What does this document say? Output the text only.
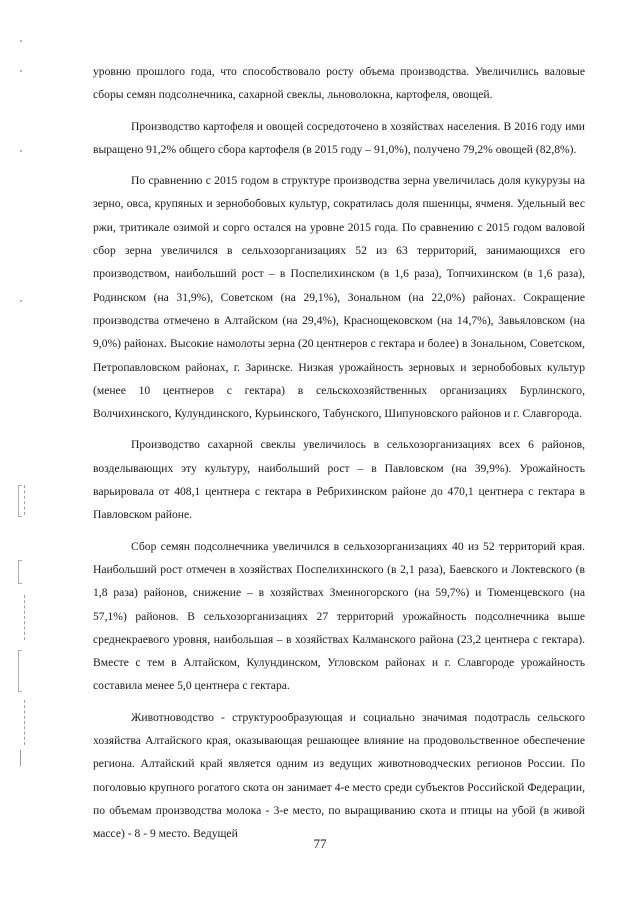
уровню прошлого года, что способствовало росту объема производства. Увеличились валовые сборы семян подсолнечника, сахарной свеклы, льноволокна, картофеля, овощей.

Производство картофеля и овощей сосредоточено в хозяйствах населения. В 2016 году ими выращено 91,2% общего сбора картофеля (в 2015 году – 91,0%), получено 79,2% овощей (82,8%).

По сравнению с 2015 годом в структуре производства зерна увеличилась доля кукурузы на зерно, овса, крупяных и зернобобовых культур, сократилась доля пшеницы, ячменя. Удельный вес ржи, тритикале озимой и сорго остался на уровне 2015 года. По сравнению с 2015 годом валовой сбор зерна увеличился в сельхозорганизациях 52 из 63 территорий, занимающихся его производством, наибольший рост – в Поспелихинском (в 1,6 раза), Топчихинском (в 1,6 раза), Родинском (на 31,9%), Советском (на 29,1%), Зональном (на 22,0%) районах. Сокращение производства отмечено в Алтайском (на 29,4%), Краснощековском (на 14,7%), Завьяловском (на 9,0%) районах. Высокие намолоты зерна (20 центнеров с гектара и более) в Зональном, Советском, Петропавловском районах, г. Заринске. Низкая урожайность зерновых и зернобобовых культур (менее 10 центнеров с гектара) в сельскохозяйственных организациях Бурлинского, Волчихинского, Кулундинского, Курьинского, Табунского, Шипуновского районов и г. Славгорода.

Производство сахарной свеклы увеличилось в сельхозорганизациях всех 6 районов, возделывающих эту культуру, наибольший рост – в Павловском (на 39,9%). Урожайность варьировала от 408,1 центнера с гектара в Ребрихинском районе до 470,1 центнера с гектара в Павловском районе.

Сбор семян подсолнечника увеличился в сельхозорганизациях 40 из 52 территорий края. Наибольший рост отмечен в хозяйствах Поспелихинского (в 2,1 раза), Баевского и Локтевского (в 1,8 раза) районов, снижение – в хозяйствах Змеиногорского (на 59,7%) и Тюменцевского (на 57,1%) районов. В сельхозорганизациях 27 территорий урожайность подсолнечника выше среднекраевого уровня, наибольшая – в хозяйствах Калманского района (23,2 центнера с гектара). Вместе с тем в Алтайском, Кулундинском, Угловском районах и г. Славгороде урожайность составила менее 5,0 центнера с гектара.

Животноводство - структурообразующая и социально значимая подотрасль сельского хозяйства Алтайского края, оказывающая решающее влияние на продовольственное обеспечение региона. Алтайский край является одним из ведущих животноводческих регионов России. По поголовью крупного рогатого скота он занимает 4-е место среди субъектов Российской Федерации, по объемам производства молока - 3-е место, по выращиванию скота и птицы на убой (в живой массе) - 8 - 9 место. Ведущей

77
